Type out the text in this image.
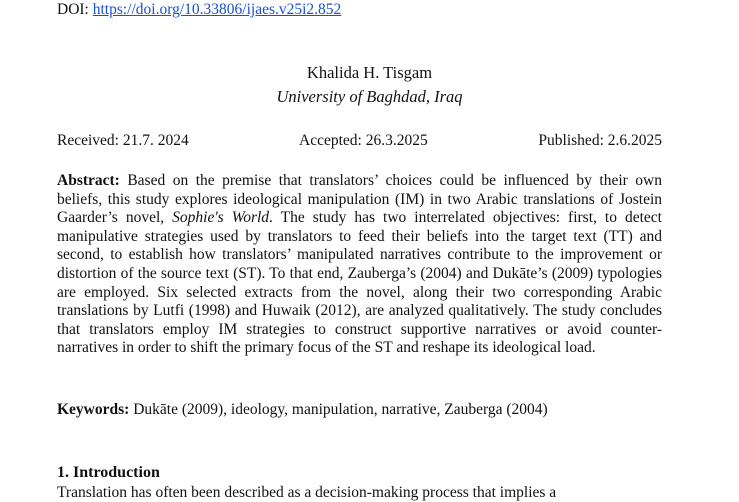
DOI: https://doi.org/10.33806/ijaes.v25i2.852
Khalida H. Tisgam
University of Baghdad, Iraq
Received: 21.7. 2024	Accepted: 26.3.2025	Published: 2.6.2025
Abstract: Based on the premise that translators’ choices could be influenced by their own beliefs, this study explores ideological manipulation (IM) in two Arabic translations of Jostein Gaarder’s novel, Sophie's World. The study has two interrelated objectives: first, to detect manipulative strategies used by translators to feed their beliefs into the target text (TT) and second, to establish how translators’ manipulated narratives contribute to the improvement or distortion of the source text (ST). To that end, Zauberga’s (2004) and Dukāte’s (2009) typologies are employed. Six selected extracts from the novel, along their two corresponding Arabic translations by Lutfi (1998) and Huwaik (2012), are analyzed qualitatively. The study concludes that translators employ IM strategies to construct supportive narratives or avoid counter-narratives in order to shift the primary focus of the ST and reshape its ideological load.
Keywords: Dukāte (2009), ideology, manipulation, narrative, Zauberga (2004)
1. Introduction
Translation has often been described as a decision-making process that implies a
